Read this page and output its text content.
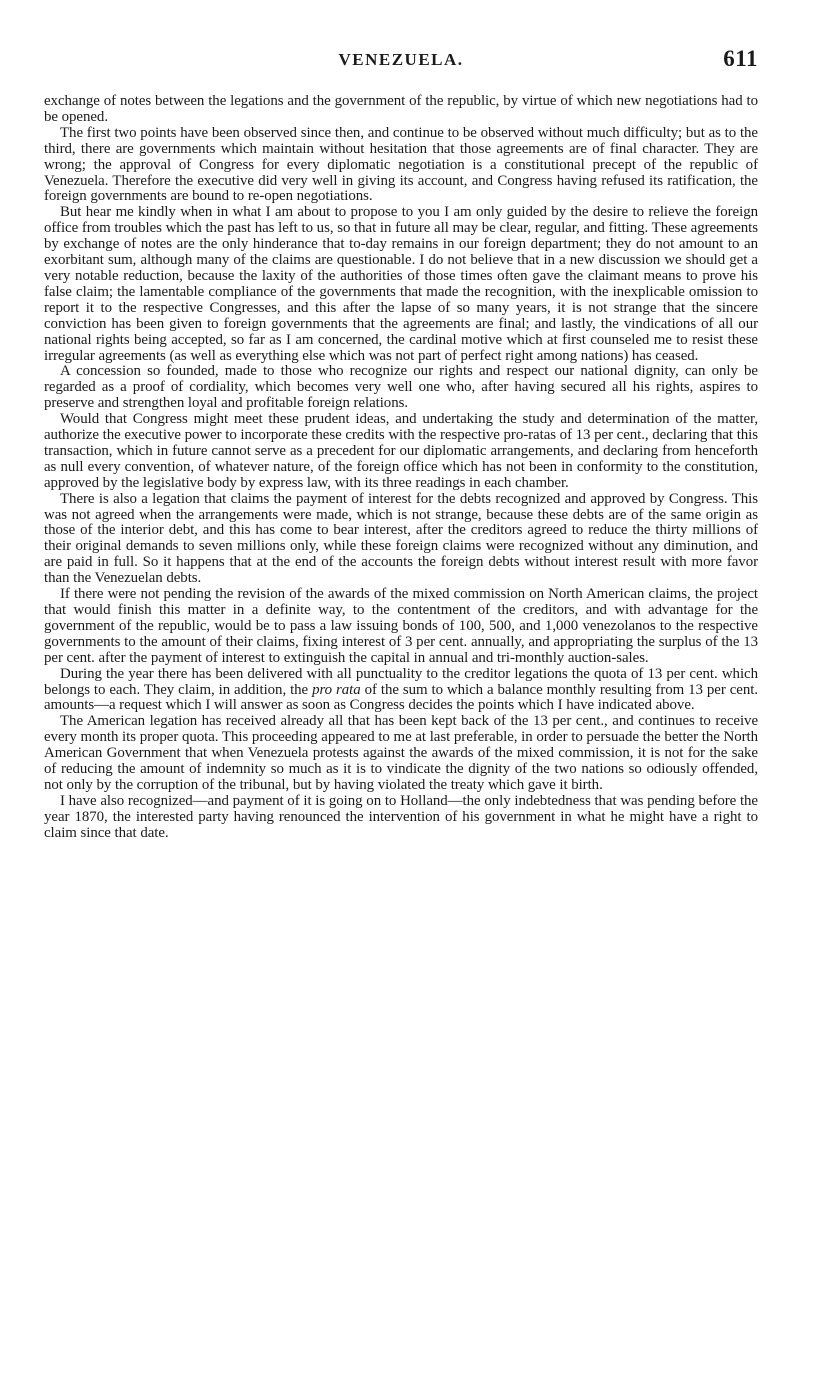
VENEZUELA.	611

exchange of notes between the legations and the government of the republic, by virtue of which new negotiations had to be opened.

The first two points have been observed since then, and continue to be observed without much difficulty; but as to the third, there are governments which maintain without hesitation that those agreements are of final character. They are wrong; the approval of Congress for every diplomatic negotiation is a constitutional precept of the republic of Venezuela. Therefore the executive did very well in giving its account, and Congress having refused its ratification, the foreign governments are bound to re-open negotiations.

But hear me kindly when in what I am about to propose to you I am only guided by the desire to relieve the foreign office from troubles which the past has left to us, so that in future all may be clear, regular, and fitting. These agreements by exchange of notes are the only hinderance that to-day remains in our foreign department; they do not amount to an exorbitant sum, although many of the claims are questionable. I do not believe that in a new discussion we should get a very notable reduction, because the laxity of the authorities of those times often gave the claimant means to prove his false claim; the lamentable compliance of the governments that made the recognition, with the inexplicable omission to report it to the respective Congresses, and this after the lapse of so many years, it is not strange that the sincere conviction has been given to foreign governments that the agreements are final; and lastly, the vindications of all our national rights being accepted, so far as I am concerned, the cardinal motive which at first counseled me to resist these irregular agreements (as well as everything else which was not part of perfect right among nations) has ceased.

A concession so founded, made to those who recognize our rights and respect our national dignity, can only be regarded as a proof of cordiality, which becomes very well one who, after having secured all his rights, aspires to preserve and strengthen loyal and profitable foreign relations.

Would that Congress might meet these prudent ideas, and undertaking the study and determination of the matter, authorize the executive power to incorporate these credits with the respective pro-ratas of 13 per cent., declaring that this transaction, which in future cannot serve as a precedent for our diplomatic arrangements, and declaring from henceforth as null every convention, of whatever nature, of the foreign office which has not been in conformity to the constitution, approved by the legislative body by express law, with its three readings in each chamber.

There is also a legation that claims the payment of interest for the debts recognized and approved by Congress. This was not agreed when the arrangements were made, which is not strange, because these debts are of the same origin as those of the interior debt, and this has come to bear interest, after the creditors agreed to reduce the thirty millions of their original demands to seven millions only, while these foreign claims were recognized without any diminution, and are paid in full. So it happens that at the end of the accounts the foreign debts without interest result with more favor than the Venezuelan debts.

If there were not pending the revision of the awards of the mixed commission on North American claims, the project that would finish this matter in a definite way, to the contentment of the creditors, and with advantage for the government of the republic, would be to pass a law issuing bonds of 100, 500, and 1,000 venezolanos to the respective governments to the amount of their claims, fixing interest of 3 per cent. annually, and appropriating the surplus of the 13 per cent. after the payment of interest to extinguish the capital in annual and tri-monthly auction-sales.

During the year there has been delivered with all punctuality to the creditor legations the quota of 13 per cent. which belongs to each. They claim, in addition, the pro rata of the sum to which a balance monthly resulting from 13 per cent. amounts—a request which I will answer as soon as Congress decides the points which I have indicated above.

The American legation has received already all that has been kept back of the 13 per cent., and continues to receive every month its proper quota. This proceeding appeared to me at last preferable, in order to persuade the better the North American Government that when Venezuela protests against the awards of the mixed commission, it is not for the sake of reducing the amount of indemnity so much as it is to vindicate the dignity of the two nations so odiously offended, not only by the corruption of the tribunal, but by having violated the treaty which gave it birth.

I have also recognized—and payment of it is going on to Holland—the only indebtedness that was pending before the year 1870, the interested party having renounced the intervention of his government in what he might have a right to claim since that date.
